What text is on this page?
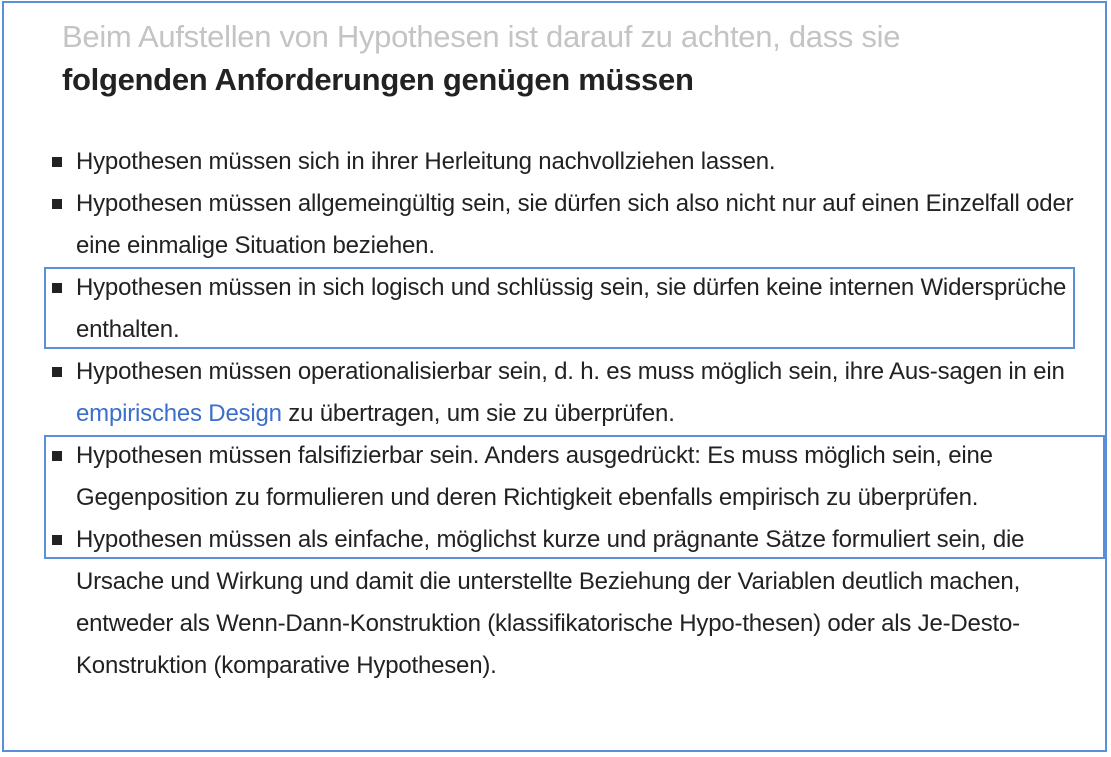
Beim Aufstellen von Hypothesen ist darauf zu achten, dass sie
folgenden Anforderungen genügen müssen
Hypothesen müssen sich in ihrer Herleitung nachvollziehen lassen.
Hypothesen müssen allgemeingültig sein, sie dürfen sich also nicht nur auf einen Einzelfall oder eine einmalige Situation beziehen.
Hypothesen müssen in sich logisch und schlüssig sein, sie dürfen keine internen Widersprüche enthalten.
Hypothesen müssen operationalisierbar sein, d. h. es muss möglich sein, ihre Aus-sagen in ein empirisches Design zu übertragen, um sie zu überprüfen.
Hypothesen müssen falsifizierbar sein. Anders ausgedrückt: Es muss möglich sein, eine Gegenposition zu formulieren und deren Richtigkeit ebenfalls empirisch zu überprüfen.
Hypothesen müssen als einfache, möglichst kurze und prägnante Sätze formuliert sein, die Ursache und Wirkung und damit die unterstellte Beziehung der Variablen deutlich machen, entweder als Wenn-Dann-Konstruktion (klassifikatorische Hypo-thesen) oder als Je-Desto-Konstruktion (komparative Hypothesen).
